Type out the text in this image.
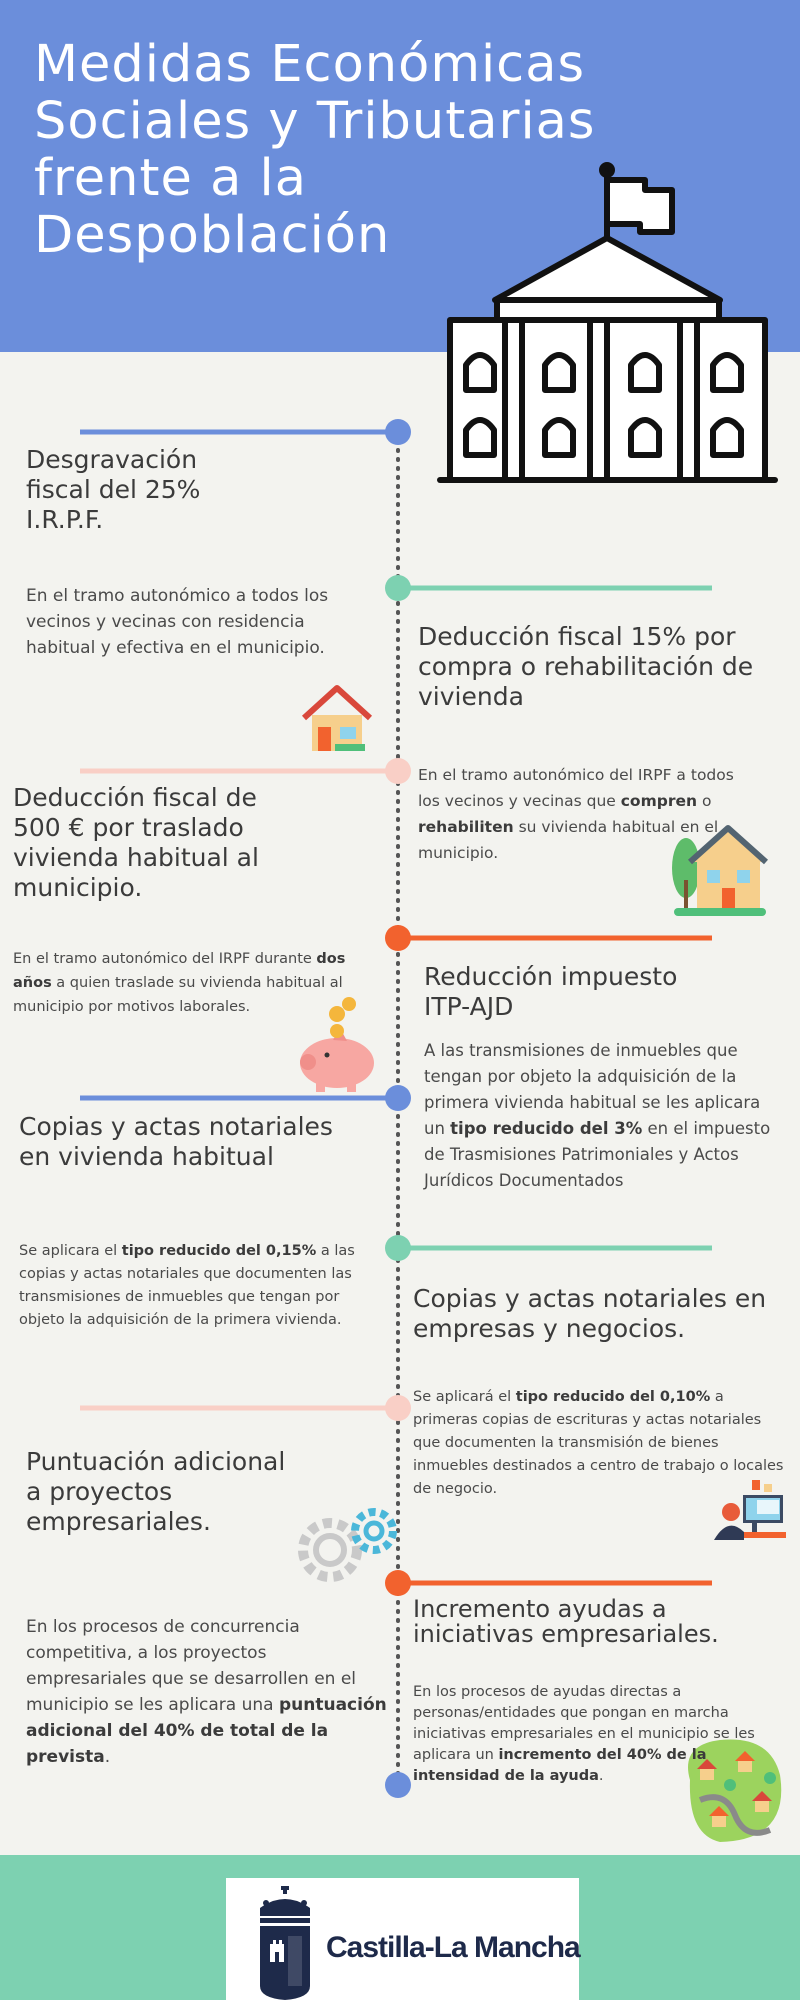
Medidas Económicas
Sociales y Tributarias
frente a la
Despoblación
Desgravación fiscal del 25% I.R.P.F.
En el tramo autonómico a todos los vecinos y vecinas con residencia habitual y efectiva en el municipio.	Deducción fiscal 15% por compra o rehabilitación de vivienda
En el tramo autonómico del IRPF a todos los vecinos y vecinas que compren o rehabiliten su vivienda habitual en el municipio.
Deducción fiscal de 500 € por traslado vivienda habitual al municipio.
En el tramo autonómico del IRPF durante dos años a quien traslade su vivienda habitual al municipio por motivos laborales.
Reducción impuesto ITP-AJD
A las transmisiones de inmuebles que tengan por objeto la adquisición de la primera vivienda habitual se les aplicara un tipo reducido del 3% en el impuesto de Trasmisiones Patrimoniales y Actos Jurídicos Documentados
Copias y actas notariales en vivienda habitual
Se aplicara el tipo reducido del 0,15% a las copias y actas notariales que documenten las transmisiones de inmuebles que tengan por objeto la adquisición de la primera vivienda.
Copias y actas notariales en empresas y negocios.
Se aplicará el tipo reducido del 0,10% a primeras copias de escrituras y actas notariales que documenten la transmisión de bienes inmuebles destinados a centro de trabajo o locales de negocio.
Puntuación adicional a proyectos empresariales.
En los procesos de concurrencia competitiva, a los proyectos empresariales que se desarrollen en el municipio se les aplicara una puntuación adicional del 40% de total de la prevista.
Incremento ayudas a iniciativas empresariales.
En los procesos de ayudas directas a personas/entidades que pongan en marcha iniciativas empresariales en el municipio se les aplicara un incremento del 40% de la intensidad de la ayuda.
Castilla-La Mancha
